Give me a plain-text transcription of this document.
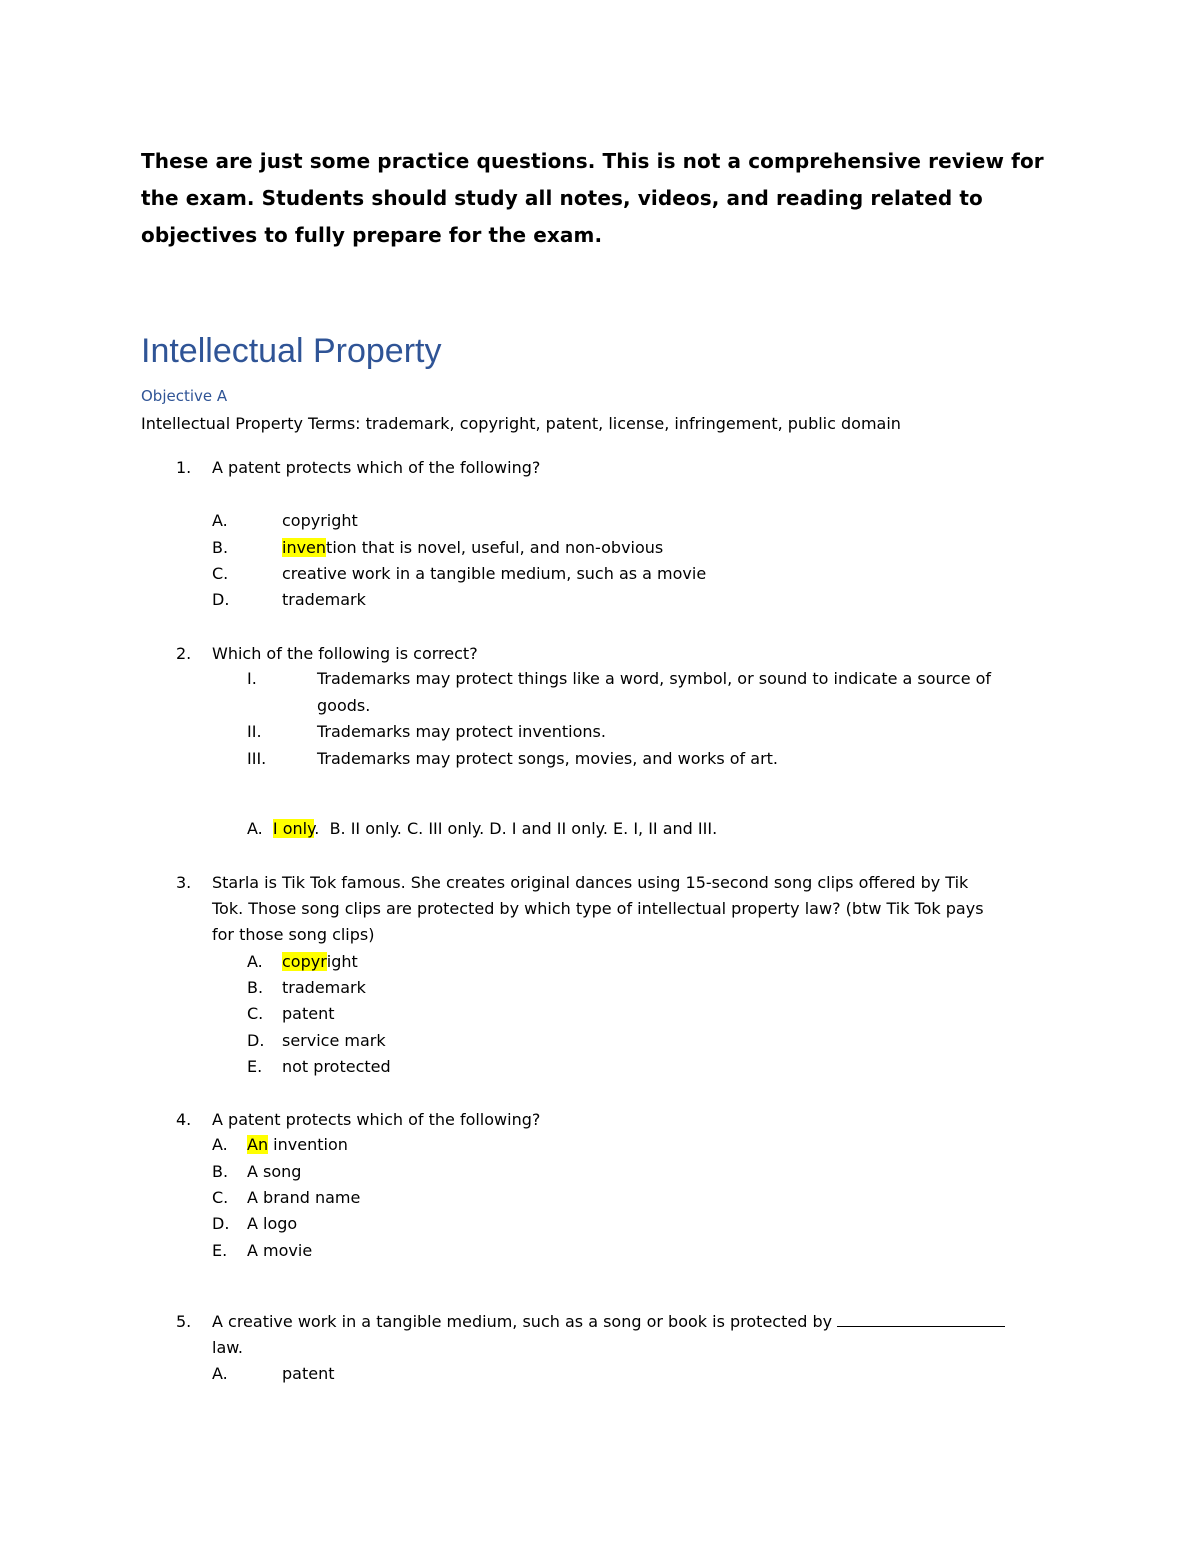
These are just some practice questions. This is not a comprehensive review for the exam. Students should study all notes, videos, and reading related to objectives to fully prepare for the exam.
Intellectual Property
Objective A
Intellectual Property Terms: trademark, copyright, patent, license, infringement, public domain
1. A patent protects which of the following?
A.	copyright
B.	invention that is novel, useful, and non-obvious
C.	creative work in a tangible medium, such as a movie
D.	trademark
2. Which of the following is correct?
I.	Trademarks may protect things like a word, symbol, or sound to indicate a source of
goods.
II.	Trademarks may protect inventions.
III.	Trademarks may protect songs, movies, and works of art.
A. I only. B. II only. C. III only. D. I and II only. E. I, II and III.
3. Starla is Tik Tok famous. She creates original dances using 15-second song clips offered by Tik
Tok. Those song clips are protected by which type of intellectual property law? (btw Tik Tok pays
for those song clips)
A. copyright
B. trademark
C. patent
D. service mark
E. not protected
4. A patent protects which of the following?
A. An invention
B. A song
C. A brand name
D. A logo
E. A movie
5. A creative work in a tangible medium, such as a song or book is protected by
law.
A.	patent
